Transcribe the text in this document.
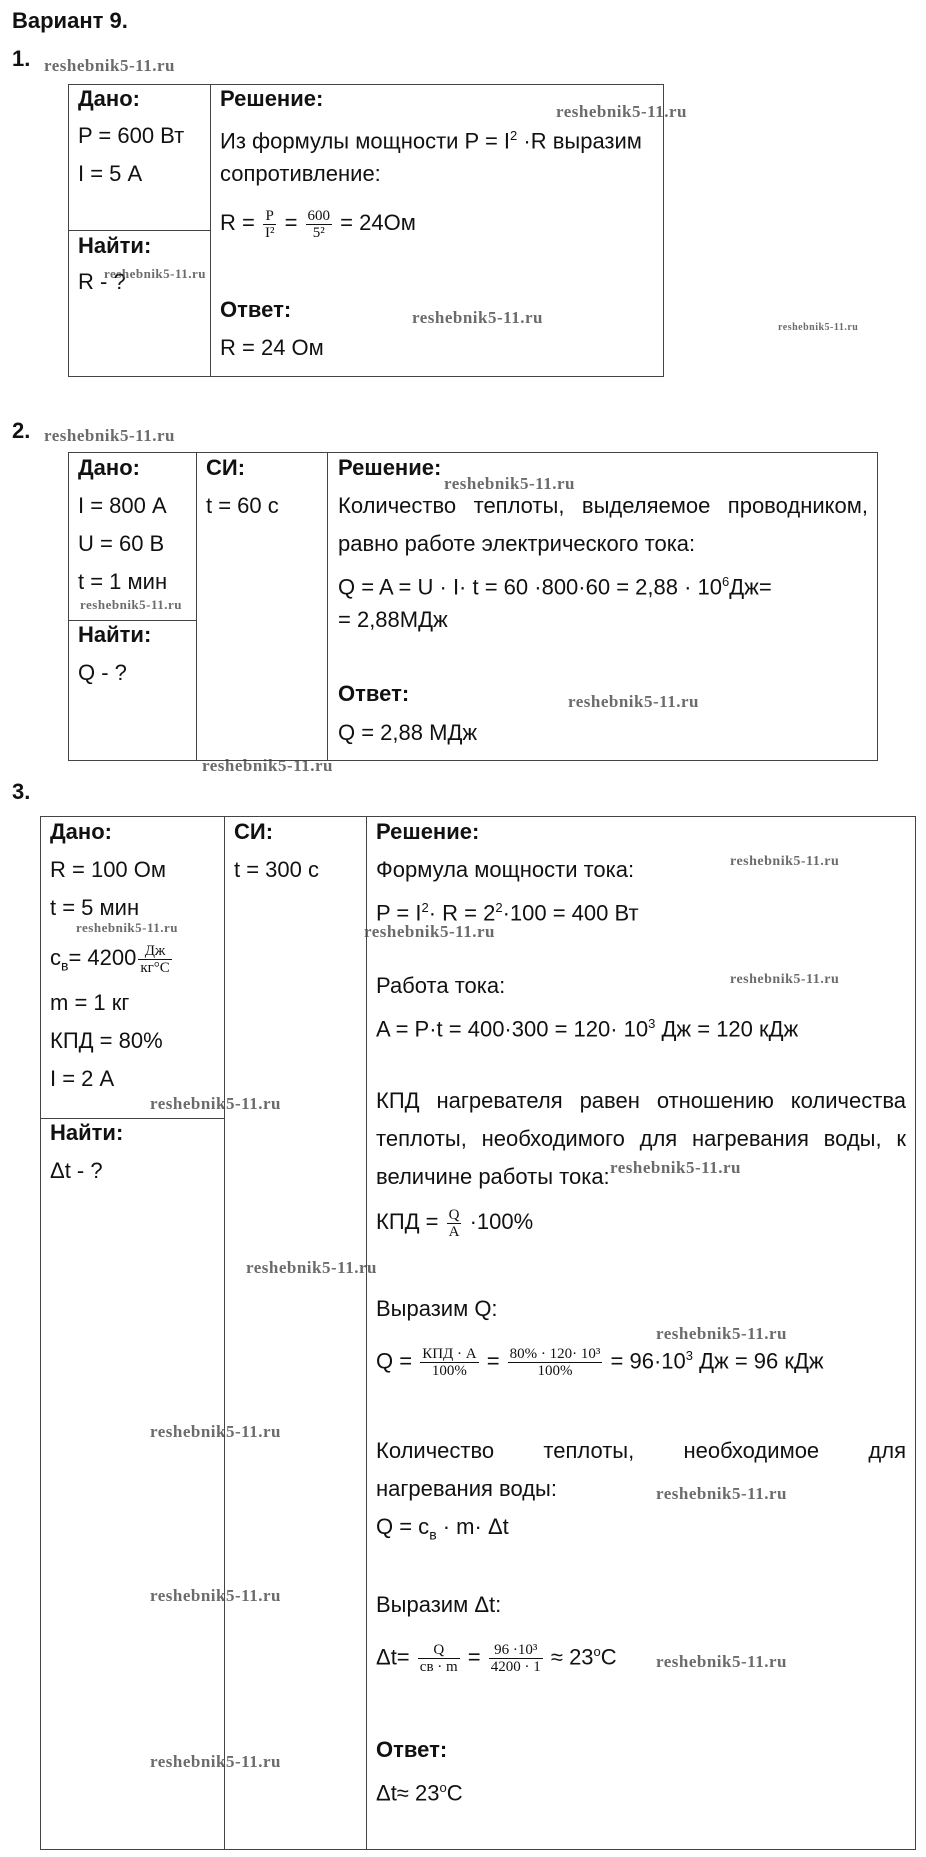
Вариант 9.
1.
Дано:
P = 600 Вт
I = 5 А
Найти:
R - ?
Решение:
Из формулы мощности $P = I^2 \cdot R$ выразим
сопротивление:
$R = \frac{P}{\text{I²}} = \frac{600}{\text{5²}} = 24Ом$
Ответ:
R = 24 Ом
2.
Дано:
I = 800 А
U = 60 В
t = 1 мин
Найти:
Q - ?
СИ:
t = 60 с
Решение:
Количество теплоты, выделяемое проводником,
равно работе электрического тока:
$Q = A = U \cdot I\cdot t = 60 \cdot 800\cdot 60 = 2,88 \cdot 10^6Дж=$
= 2,88МДж
Ответ:
Q = 2,88 МДж
3.
Дано:
R = 100 Ом
t = 5 мин
$c_в= 4200 \frac{Дж}{кг^\circ C}$
m = 1 кг
КПД = 80%
I = 2 А
Найти:
Δt - ?
СИ:
t = 300 с
Решение:
Формула мощности тока:
$P = I^2\cdot R = 2^2\cdot 100 = 400$ Вт
Работа тока:
$A = P\cdot t = 400\cdot 300 = 120\cdot 10^3$ Дж = 120 кДж
КПД нагревателя равен отношению количества
теплоты, необходимого для нагревания воды, к
величине работы тока:
КПД = $\frac{Q}{A} \cdot 100\%$
Выразим Q:
$Q = \frac{\text{КПД · A}}{100\%} = \frac{\text{80\% · 120· 10³}}{100\%} = 96\cdot 10^3$ Дж = 96 кДж
Количество теплоты, необходимое для
нагревания воды:
$Q = c_в \cdot m\cdot \Delta t$
Выразим Δt:
$\Delta t= \frac{Q}{cв \cdot m} = \frac{\text{96 ·10³}}{4200 \cdot 1} \approx 23^oC$
Ответ:
$\Delta t\approx 23^oC$
reshebnik5-11.ru
reshebnik5-11.ru
reshebnik5-11.ru
reshebnik5-11.ru
reshebnik5-11.ru
reshebnik5-11.ru
reshebnik5-11.ru
reshebnik5-11.ru
reshebnik5-11.ru
reshebnik5-11.ru
reshebnik5-11.ru
reshebnik5-11.ru	reshebnik5-11.ru
reshebnik5-11.ru
reshebnik5-11.ru
reshebnik5-11.ru
reshebnik5-11.ru
reshebnik5-11.ru
reshebnik5-11.ru
reshebnik5-11.ru
reshebnik5-11.ru
reshebnik5-11.ru
reshebnik5-11.ru
